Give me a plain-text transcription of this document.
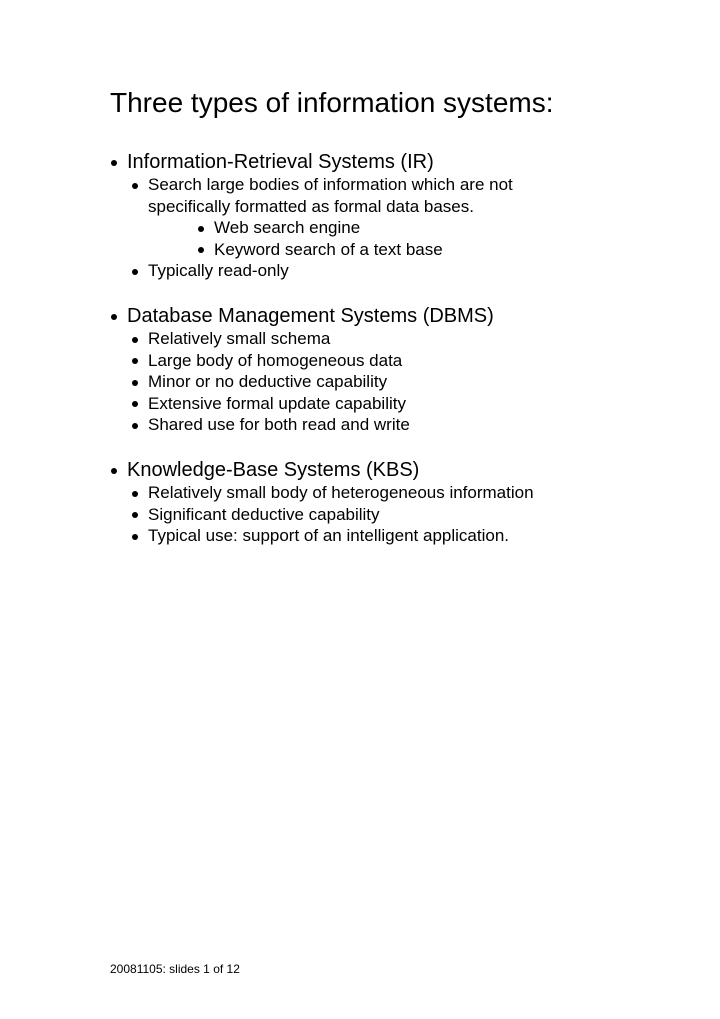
Three types of information systems:
Information-Retrieval Systems (IR)
Search large bodies of information which are not
specifically formatted as formal data bases.
Web search engine
Keyword search of a text base
Typically read-only
Database Management Systems (DBMS)
Relatively small schema
Large body of homogeneous data
Minor or no deductive capability
Extensive formal update capability
Shared use for both read and write
Knowledge-Base Systems (KBS)
Relatively small body of heterogeneous information
Significant deductive capability
Typical use: support of an intelligent application.
20081105: slides 1 of 12
